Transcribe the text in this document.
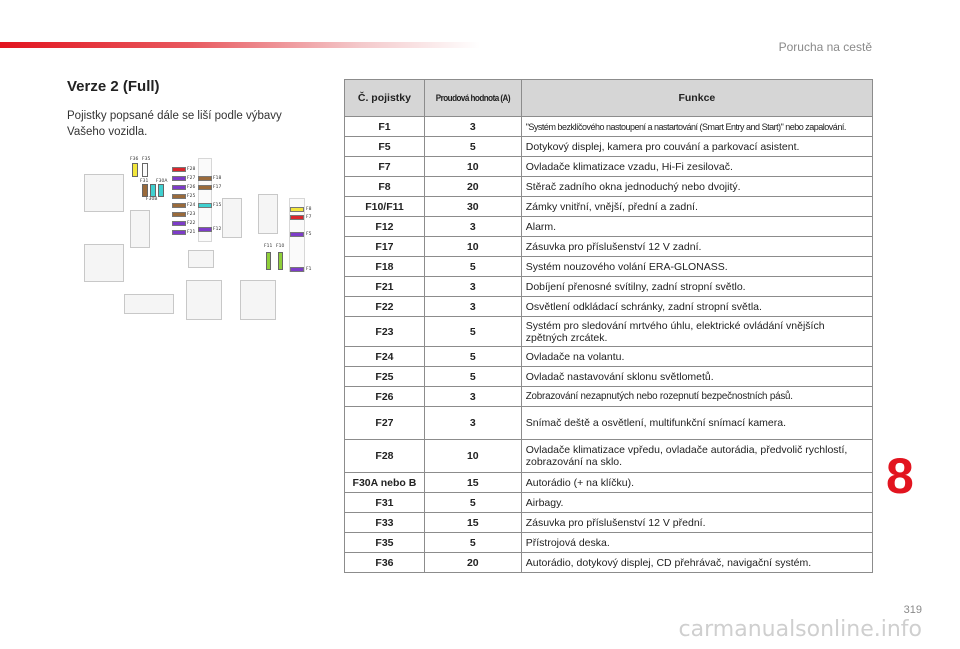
Porucha na cestě
Verze 2 (Full)

Pojistky popsané dále se liší podle výbavy Vašeho vozidla.

F36 F35
F31 F30A
F30B
F28
F27
F26
F25
F24
F23
F22
F21
F18
F17
F15
F12
F8
F7
F5
F1
F11 F10
Č. pojistky	Proudová hodnota (A)	Funkce
F1	3	"Systém bezklíčového nastoupení a nastartování (Smart Entry and Start)" nebo zapalování.
F5	5	Dotykový displej, kamera pro couvání a parkovací asistent.
F7	10	Ovladače klimatizace vzadu, Hi-Fi zesilovač.
F8	20	Stěrač zadního okna jednoduchý nebo dvojitý.
F10/F11	30	Zámky vnitřní, vnější, přední a zadní.
F12	3	Alarm.
F17	10	Zásuvka pro příslušenství 12 V zadní.
F18	5	Systém nouzového volání ERA-GLONASS.
F21	3	Dobíjení přenosné svítilny, zadní stropní světlo.
F22	3	Osvětlení odkládací schránky, zadní stropní světla.
F23	5	Systém pro sledování mrtvého úhlu, elektrické ovládání vnějších zpětných zrcátek.
F24	5	Ovladače na volantu.
F25	5	Ovladač nastavování sklonu světlometů.
F26	3	Zobrazování nezapnutých nebo rozepnutí bezpečnostních pásů.
F27	3	Snímač deště a osvětlení, multifunkční snímací kamera.
F28	10	Ovladače klimatizace vpředu, ovladače autorádia, předvolič rychlostí, zobrazování na sklo.
F30A nebo B	15	Autorádio (+ na klíčku).
F31	5	Airbagy.
F33	15	Zásuvka pro příslušenství 12 V přední.
F35	5	Přístrojová deska.
F36	20	Autorádio, dotykový displej, CD přehrávač, navigační systém.
8
319
carmanualsonline.info
